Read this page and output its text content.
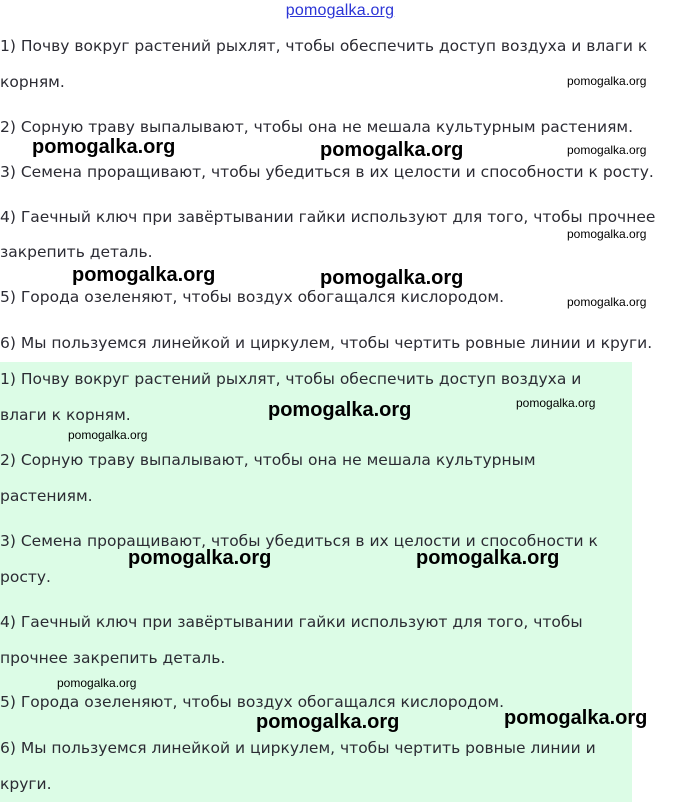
pomogalka.org
1) Почву вокруг растений рыхлят, чтобы обеспечить доступ воздуха и влаги к
корням.
2) Сорную траву выпалывают, чтобы она не мешала культурным растениям.
3) Семена проращивают, чтобы убедиться в их целости и способности к росту.
4) Гаечный ключ при завёртывании гайки используют для того, чтобы прочнее
закрепить деталь.
5) Города озеленяют, чтобы воздух обогащался кислородом.
6) Мы пользуемся линейкой и циркулем, чтобы чертить ровные линии и круги.
1) Почву вокруг растений рыхлят, чтобы обеспечить доступ воздуха и
влаги к корням.
2) Сорную траву выпалывают, чтобы она не мешала культурным
растениям.
3) Семена проращивают, чтобы убедиться в их целости и способности к
росту.
4) Гаечный ключ при завёртывании гайки используют для того, чтобы
прочнее закрепить деталь.
5) Города озеленяют, чтобы воздух обогащался кислородом.
6) Мы пользуемся линейкой и циркулем, чтобы чертить ровные линии и
круги.
pomogalka.org
pomogalka.org	pomogalka.org	pomogalka.org
pomogalka.org
pomogalka.org	pomogalka.org
pomogalka.org
pomogalka.org
pomogalka.org
pomogalka.org
pomogalka.org	pomogalka.org
pomogalka.org
pomogalka.org
pomogalka.org
